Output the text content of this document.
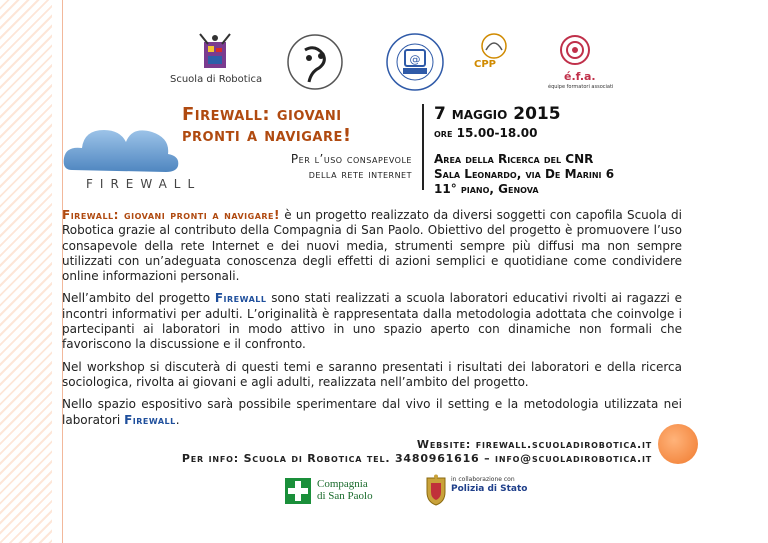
Scuola di Robotica
@	CPP
é.f.a.
équipe formatori associati
FIREWALL
Firewall: giovani
pronti a navigare!
Per l’uso consapevole
della rete internet
7 maggio 2015
ore 15.00-18.00
Area della Ricerca del CNR
Sala Leonardo, via De Marini 6
11° piano, Genova

Firewall: giovani pronti a navigare! è un progetto realizzato da diversi soggetti con capofila Scuola di Robotica grazie al contributo della Compagnia di San Paolo. Obiettivo del progetto è promuovere l’uso consapevole della rete Internet e dei nuovi media, strumenti sempre più diffusi ma non sempre utilizzati con un’adeguata conoscenza degli effetti di azioni semplici e quotidiane come condividere online informazioni personali.

Nell’ambito del progetto Firewall sono stati realizzati a scuola laboratori educativi rivolti ai ragazzi e incontri informativi per adulti. L’originalità è rappresentata dalla metodologia adottata che coinvolge i partecipanti ai laboratori in modo attivo in uno spazio aperto con dinamiche non formali che favoriscono la discussione e il confronto.

Nel workshop si discuterà di questi temi e saranno presentati i risultati dei laboratori e della ricerca sociologica, rivolta ai giovani e agli adulti, realizzata nell’ambito del progetto.

Nello spazio espositivo sarà possibile sperimentare dal vivo il setting e la metodologia utilizzata nei laboratori Firewall.

Website: firewall.scuoladirobotica.it
Per info: Scuola di Robotica tel. 3480961616 – info@scuoladirobotica.it
Compagnia
di San Paolo
in collaborazione con
Polizia di Stato
